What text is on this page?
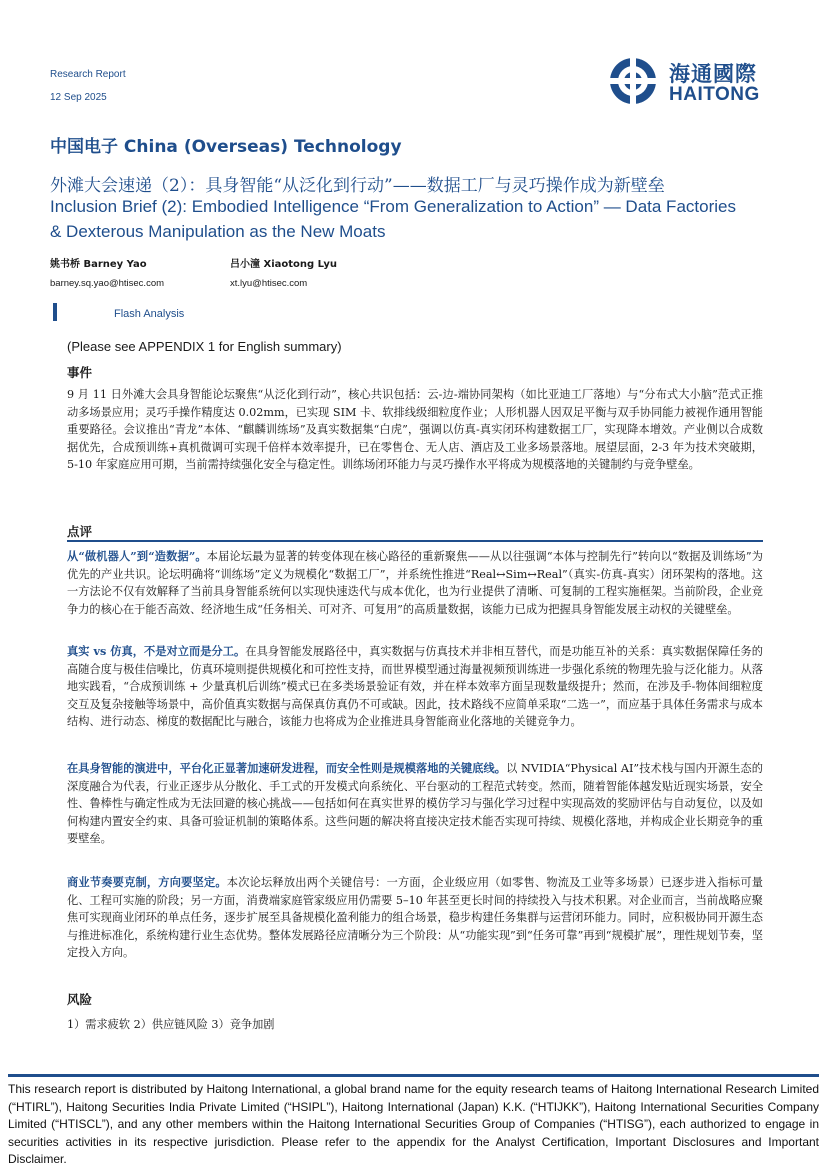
Research Report
12 Sep 2025
海通國際
HAITONG
中国电子 China (Overseas) Technology
外滩大会速递（2）：具身智能“从泛化到行动”——数据工厂与灵巧操作成为新壁垒
Inclusion Brief (2): Embodied Intelligence “From Generalization to Action” — Data Factories
& Dexterous Manipulation as the New Moats
姚书桥 Barney Yao
barney.sq.yao@htisec.com
吕小潼 Xiaotong Lyu
xt.lyu@htisec.com
Flash Analysis
(Please see APPENDIX 1 for English summary)
事件
9 月 11 日外滩大会具身智能论坛聚焦“从泛化到行动”，核心共识包括：云-边-端协同架构（如比亚迪工厂落地）与“分布式大小脑”范式正推动多场景应用；灵巧手操作精度达 0.02mm，已实现 SIM 卡、软排线级细粒度作业；人形机器人因双足平衡与双手协同能力被视作通用智能重要路径。会议推出“青龙”本体、“麒麟训练场”及真实数据集“白虎”，强调以仿真-真实闭环构建数据工厂，实现降本增效。产业侧以合成数据优先，合成预训练+真机微调可实现千倍样本效率提升，已在零售仓、无人店、酒店及工业多场景落地。展望层面，2-3 年为技术突破期，5-10 年家庭应用可期，当前需持续强化安全与稳定性。训练场闭环能力与灵巧操作水平将成为规模落地的关键制约与竞争壁垒。
点评
从“做机器人”到“造数据”。本届论坛最为显著的转变体现在核心路径的重新聚焦——从以往强调“本体与控制先行”转向以“数据及训练场”为优先的产业共识。论坛明确将“训练场”定义为规模化“数据工厂”，并系统性推进“Real↔Sim↔Real”（真实-仿真-真实）闭环架构的落地。这一方法论不仅有效解释了当前具身智能系统何以实现快速迭代与成本优化，也为行业提供了清晰、可复制的工程实施框架。当前阶段，企业竞争力的核心在于能否高效、经济地生成“任务相关、可对齐、可复用”的高质量数据，该能力已成为把握具身智能发展主动权的关键壁垒。
真实 vs 仿真，不是对立而是分工。在具身智能发展路径中，真实数据与仿真技术并非相互替代，而是功能互补的关系：真实数据保障任务的高随合度与极佳信噪比，仿真环境则提供规模化和可控性支持，而世界模型通过海量视频预训练进一步强化系统的物理先验与泛化能力。从落地实践看，“合成预训练 + 少量真机后训练”模式已在多类场景验证有效，并在样本效率方面呈现数量级提升；然而，在涉及手-物体间细粒度交互及复杂接触等场景中，高价值真实数据与高保真仿真仍不可或缺。因此，技术路线不应简单采取“二选一”，而应基于具体任务需求与成本结构、进行动态、梯度的数据配比与融合，该能力也将成为企业推进具身智能商业化落地的关键竞争力。
在具身智能的演进中，平台化正显著加速研发进程，而安全性则是规模落地的关键底线。以 NVIDIA“Physical AI”技术栈与国内开源生态的深度融合为代表，行业正逐步从分散化、手工式的开发模式向系统化、平台驱动的工程范式转变。然而，随着智能体越发贴近现实场景，安全性、鲁棒性与确定性成为无法回避的核心挑战——包括如何在真实世界的模仿学习与强化学习过程中实现高效的奖励评估与自动复位，以及如何构建内置安全约束、具备可验证机制的策略体系。这些问题的解决将直接决定技术能否实现可持续、规模化落地，并构成企业长期竞争的重要壁垒。
商业节奏要克制，方向要坚定。本次论坛释放出两个关键信号：一方面，企业级应用（如零售、物流及工业等多场景）已逐步进入指标可量化、工程可实施的阶段；另一方面，消费端家庭管家级应用仍需要 5–10 年甚至更长时间的持续投入与技术积累。对企业而言，当前战略应聚焦可实现商业闭环的单点任务，逐步扩展至具备规模化盈利能力的组合场景，稳步构建任务集群与运营闭环能力。同时，应积极协同开源生态与推进标准化，系统构建行业生态优势。整体发展路径应清晰分为三个阶段：从“功能实现”到“任务可靠”再到“规模扩展”，理性规划节奏，坚定投入方向。
风险
1）需求疲软 2）供应链风险 3）竞争加剧
This research report is distributed by Haitong International, a global brand name for the equity research teams of Haitong International Research Limited (“HTIRL”), Haitong Securities India Private Limited (“HSIPL”), Haitong International (Japan) K.K. (“HTIJKK”), Haitong International Securities Company Limited (“HTISCL”), and any other members within the Haitong International Securities Group of Companies (“HTISG”), each authorized to engage in securities activities in its respective jurisdiction. Please refer to the appendix for the Analyst Certification, Important Disclosures and Important Disclaimer.
